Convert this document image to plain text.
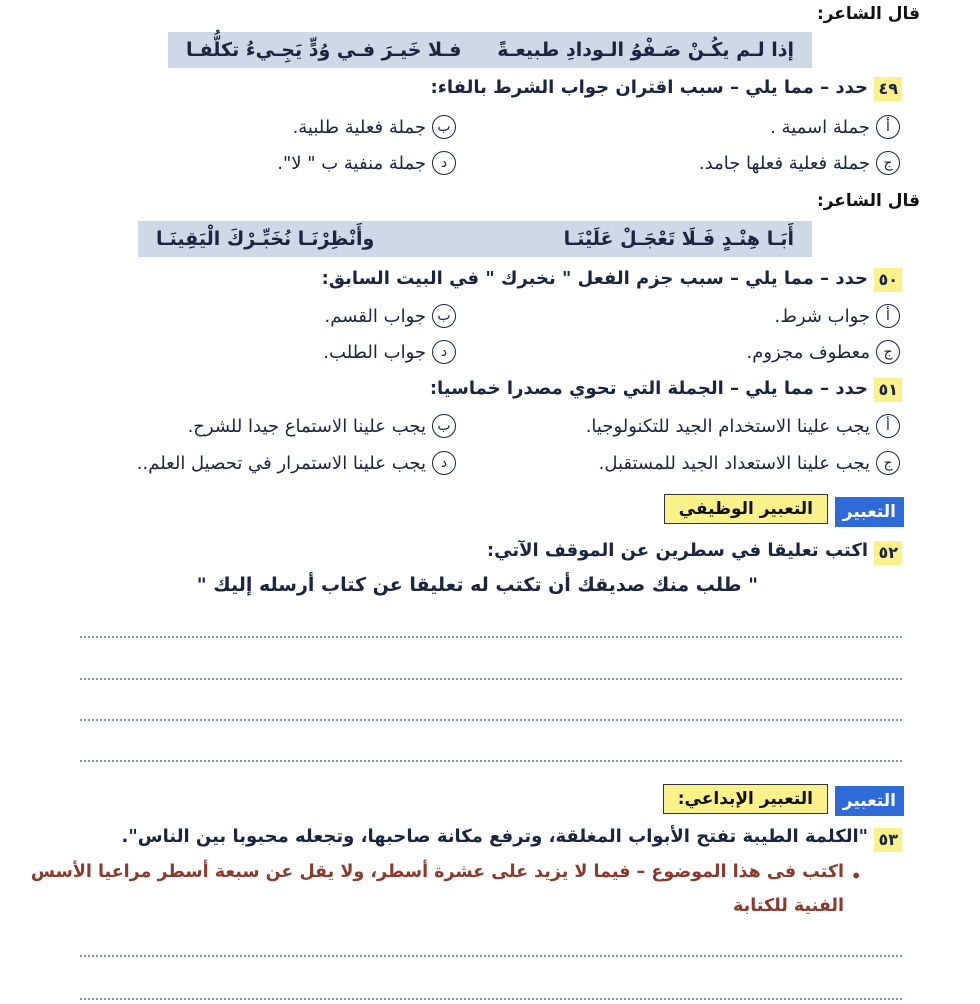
قال الشاعر:
إذا لـم يكُـنْ صَـفْوُ الـودادِ طبيعـةً
فـلا خَيـرَ فـي وُدٍّ يَجِـيءُ تكلُّفـا
٤٩
حدد – مما يلي – سبب اقتران جواب الشرط بالفاء:
أ
جملة اسمية .
ب
جملة فعلية طلبية.
ج
جملة فعلية فعلها جامد.
د
جملة منفية ب " لا".
قال الشاعر:
أَبَـا هِنْـدٍ فَـلَا تَعْجَـلْ عَلَيْنَـا
وأَنْظِرْنَـا نُخَبِّـرْكَ الْيَقِينَـا
٥٠
حدد – مما يلي – سبب جزم الفعل " نخبرك " في البيت السابق:
أ
جواب شرط.
ب
جواب القسم.
ج
معطوف مجزوم.
د
جواب الطلب.
٥١
حدد – مما يلي – الجملة التي تحوي مصدرا خماسيا:
أ
يجب علينا الاستخدام الجيد للتكنولوجيا.
ب
يجب علينا الاستماع جيدا للشرح.
ج
يجب علينا الاستعداد الجيد للمستقبل.
د
يجب علينا الاستمرار في تحصيل العلم..
التعبير
التعبير الوظيفي
٥٢
اكتب تعليقا في سطرين عن الموقف الآتي:
" طلب منك صديقك أن تكتب له تعليقا عن كتاب أرسله إليك "
التعبير
التعبير الإبداعي:
٥٣
"الكلمة الطيبة تفتح الأبواب المغلقة، وترفع مكانة صاحبها، وتجعله محبوبا بين الناس".
•
اكتب فى هذا الموضوع – فيما لا يزيد على عشرة أسطر، ولا يقل عن سبعة أسطر مراعيا الأسس
الفنية للكتابة
